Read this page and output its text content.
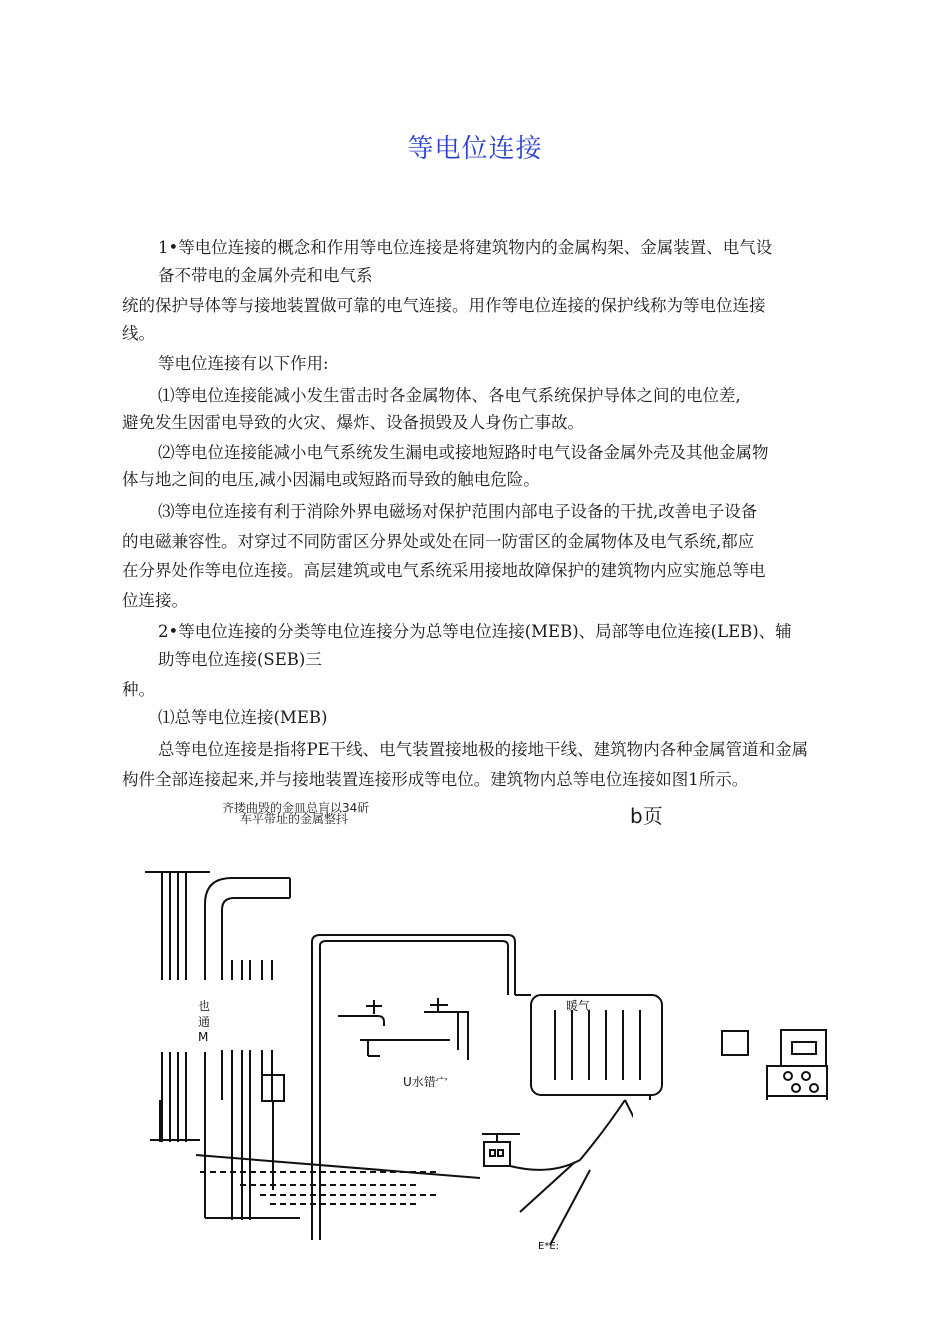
等电位连接
1•等电位连接的概念和作用等电位连接是将建筑物内的金属构架、金属装置、电气设
备不带电的金属外壳和电气系
统的保护导体等与接地装置做可靠的电气连接。用作等电位连接的保护线称为等电位连接
线。
等电位连接有以下作用:
⑴等电位连接能减小发生雷击时各金属物体、各电气系统保护导体之间的电位差,
避免发生因雷电导致的火灾、爆炸、设备损毁及人身伤亡事故。
⑵等电位连接能减小电气系统发生漏电或接地短路时电气设备金属外壳及其他金属物
体与地之间的电压,减小因漏电或短路而导致的触电危险。
⑶等电位连接有利于消除外界电磁场对保护范围内部电子设备的干扰,改善电子设备
的电磁兼容性。对穿过不同防雷区分界处或处在同一防雷区的金属物体及电气系统,都应
在分界处作等电位连接。高层建筑或电气系统采用接地故障保护的建筑物内应实施总等电
位连接。
2•等电位连接的分类等电位连接分为总等电位连接(MEB)、局部等电位连接(LEB)、辅
助等电位连接(SEB)三
种。
⑴总等电位连接(MEB)
总等电位连接是指将PE干线、电气装置接地极的接地干线、建筑物内各种金属管道和金属
构件全部连接起来,并与接地装置连接形成等电位。建筑物内总等电位连接如图1所示。
齐搂曲毁的金皿总肓以34斫
车平带址的金属整抖	b页
暖气
U水错宀
也
通
M
E*E:
